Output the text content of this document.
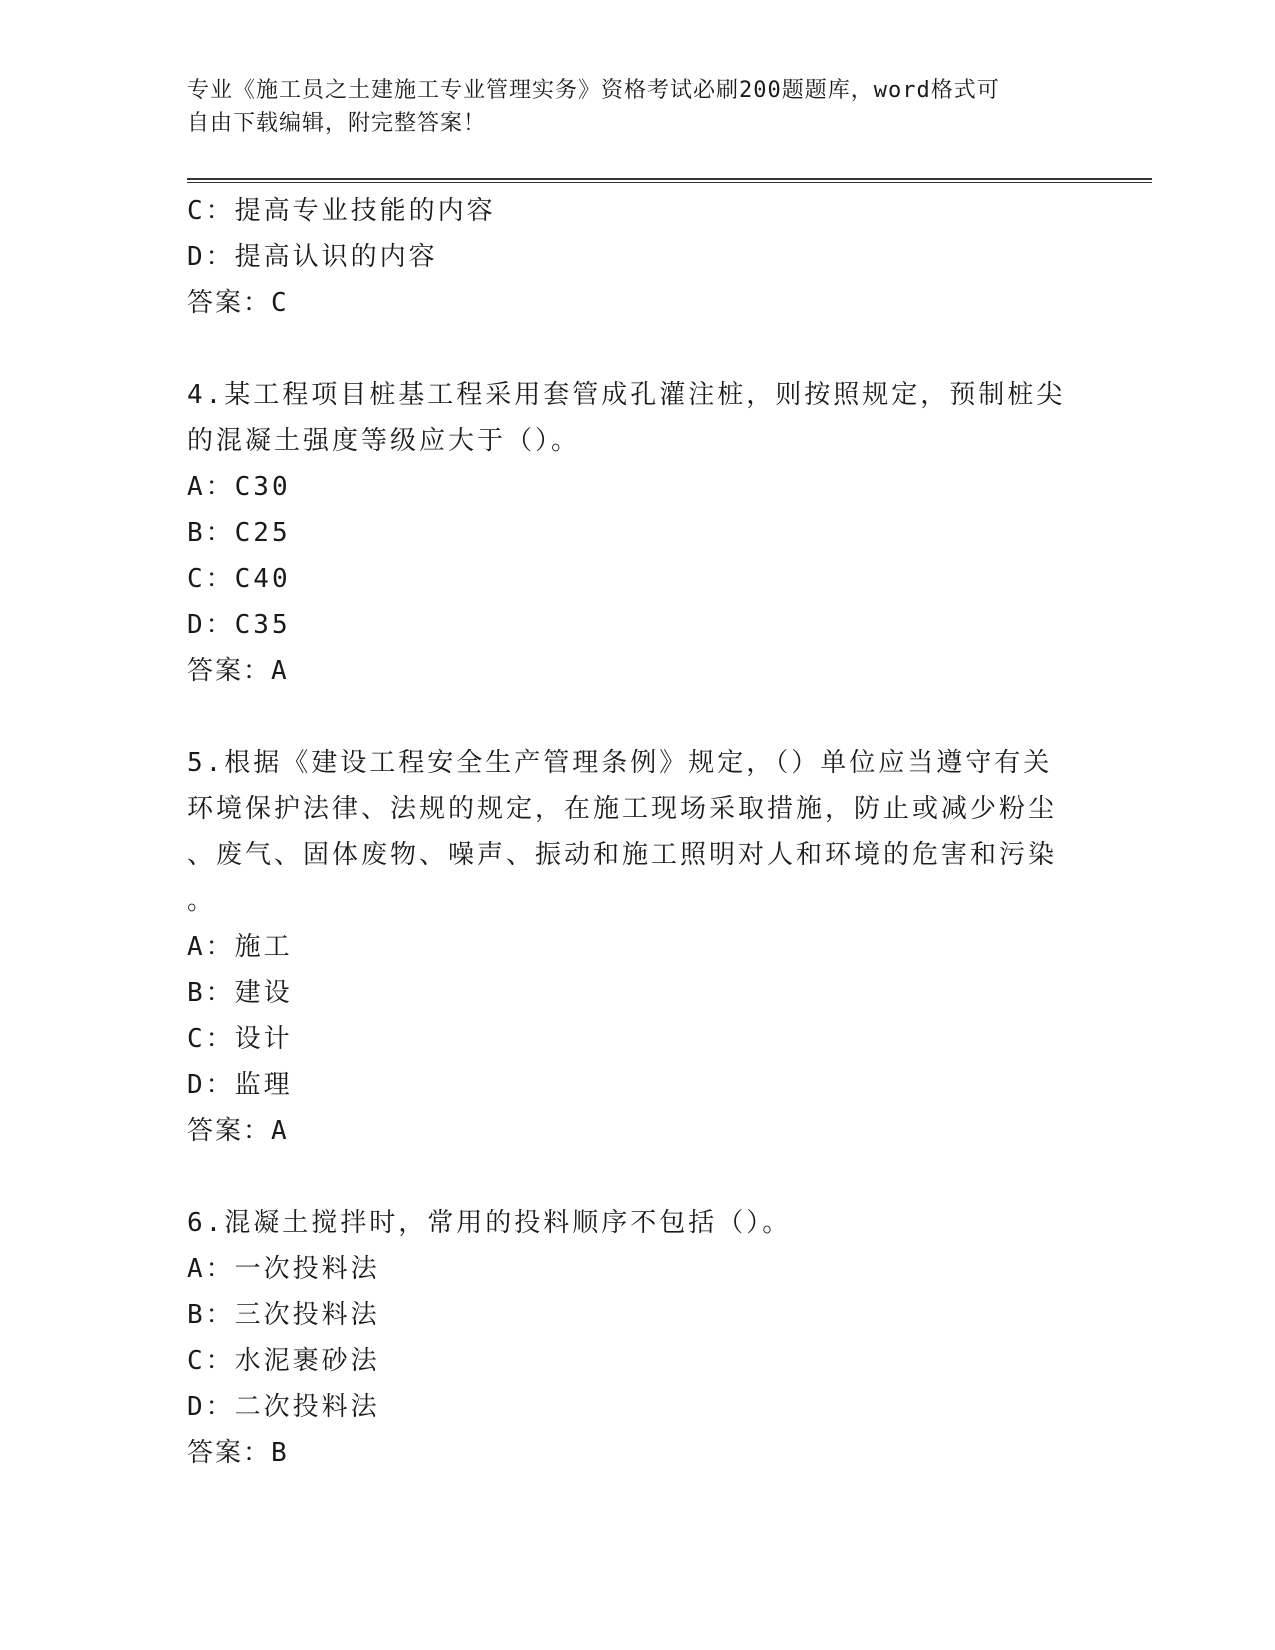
专业《施工员之土建施工专业管理实务》资格考试必刷200题题库，word格式可
自由下载编辑，附完整答案！
C：提高专业技能的内容
D：提高认识的内容
答案：C
4.某工程项目桩基工程采用套管成孔灌注桩，则按照规定，预制桩尖
的混凝土强度等级应大于（）。
A：C30
B：C25
C：C40
D：C35
答案：A
5.根据《建设工程安全生产管理条例》规定，（）单位应当遵守有关
环境保护法律、法规的规定，在施工现场采取措施，防止或减少粉尘
、废气、固体废物、噪声、振动和施工照明对人和环境的危害和污染
。
A：施工
B：建设
C：设计
D：监理
答案：A
6.混凝土搅拌时，常用的投料顺序不包括（）。
A：一次投料法
B：三次投料法
C：水泥裹砂法
D：二次投料法
答案：B
